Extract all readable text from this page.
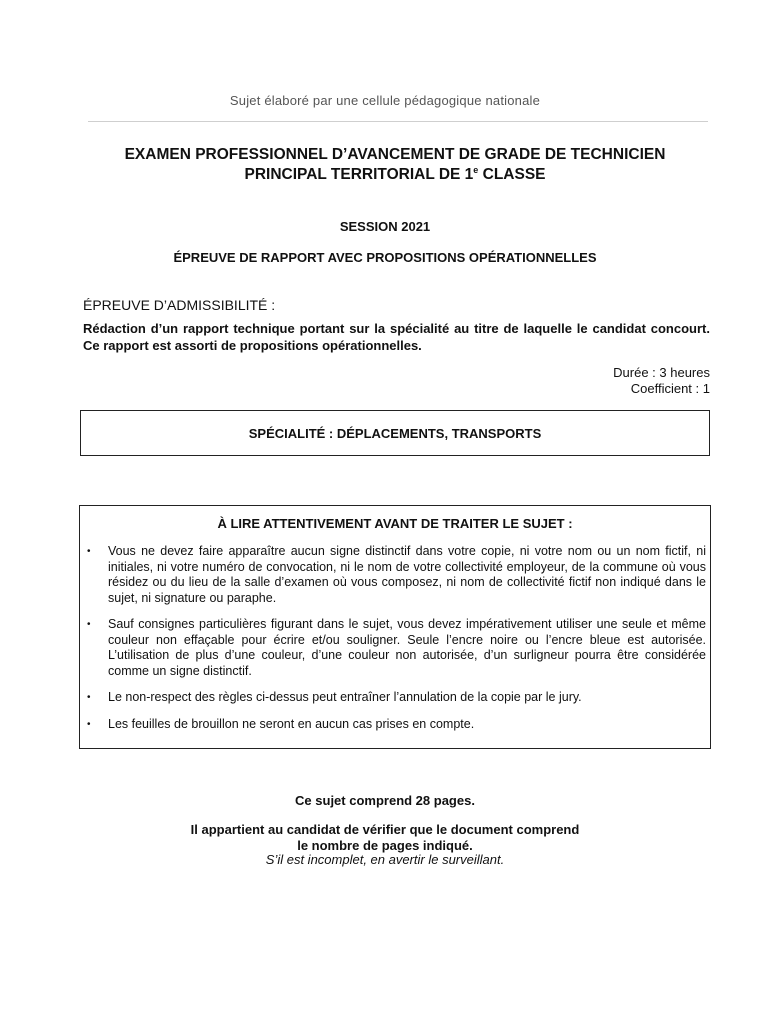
Sujet élaboré par une cellule pédagogique nationale
EXAMEN PROFESSIONNEL D’AVANCEMENT DE GRADE DE TECHNICIEN
PRINCIPAL TERRITORIAL DE 1e CLASSE
SESSION 2021
ÉPREUVE DE RAPPORT AVEC PROPOSITIONS OPÉRATIONNELLES
ÉPREUVE D’ADMISSIBILITÉ :
Rédaction d’un rapport technique portant sur la spécialité au titre de laquelle le candidat concourt. Ce rapport est assorti de propositions opérationnelles.
Durée : 3 heures
Coefficient : 1
SPÉCIALITÉ : DÉPLACEMENTS, TRANSPORTS
À LIRE ATTENTIVEMENT AVANT DE TRAITER LE SUJET :
• Vous ne devez faire apparaître aucun signe distinctif dans votre copie, ni votre nom ou un nom fictif, ni initiales, ni votre numéro de convocation, ni le nom de votre collectivité employeur, de la commune où vous résidez ou du lieu de la salle d’examen où vous composez, ni nom de collectivité fictif non indiqué dans le sujet, ni signature ou paraphe.
• Sauf consignes particulières figurant dans le sujet, vous devez impérativement utiliser une seule et même couleur non effaçable pour écrire et/ou souligner. Seule l’encre noire ou l’encre bleue est autorisée. L’utilisation de plus d’une couleur, d’une couleur non autorisée, d’un surligneur pourra être considérée comme un signe distinctif.
• Le non-respect des règles ci-dessus peut entraîner l’annulation de la copie par le jury.
• Les feuilles de brouillon ne seront en aucun cas prises en compte.
Ce sujet comprend 28 pages.
Il appartient au candidat de vérifier que le document comprend
le nombre de pages indiqué.
S’il est incomplet, en avertir le surveillant.
